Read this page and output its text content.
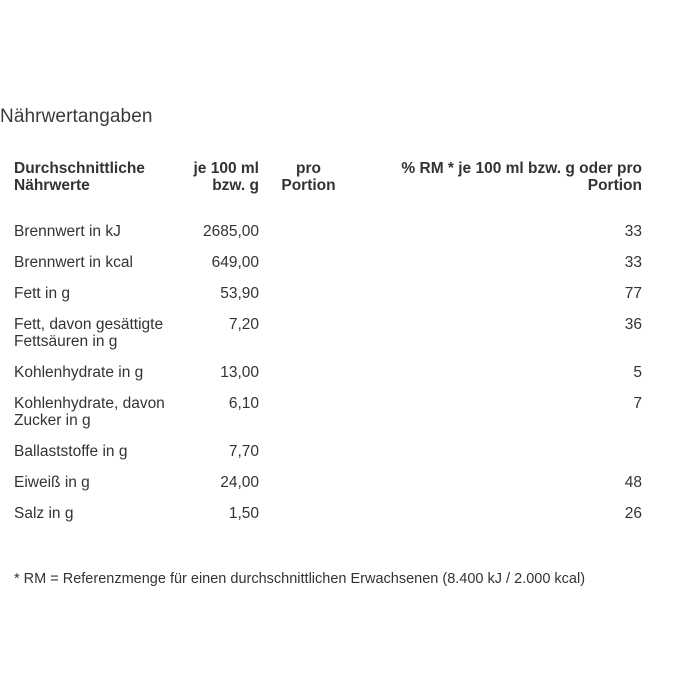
Nährwertangaben
Durchschnittliche Nährwerte	je 100 ml bzw. g	pro Portion	% RM * je 100 ml bzw. g oder pro Portion
Brennwert in kJ	2685,00		33
Brennwert in kcal	649,00		33
Fett in g	53,90		77
Fett, davon gesättigte Fettsäuren in g	7,20		36
Kohlenhydrate in g	13,00		5
Kohlenhydrate, davon Zucker in g	6,10		7
Ballaststoffe in g	7,70		
Eiweiß in g	24,00		48
Salz in g	1,50		26

* RM = Referenzmenge für einen durchschnittlichen Erwachsenen (8.400 kJ / 2.000 kcal)
